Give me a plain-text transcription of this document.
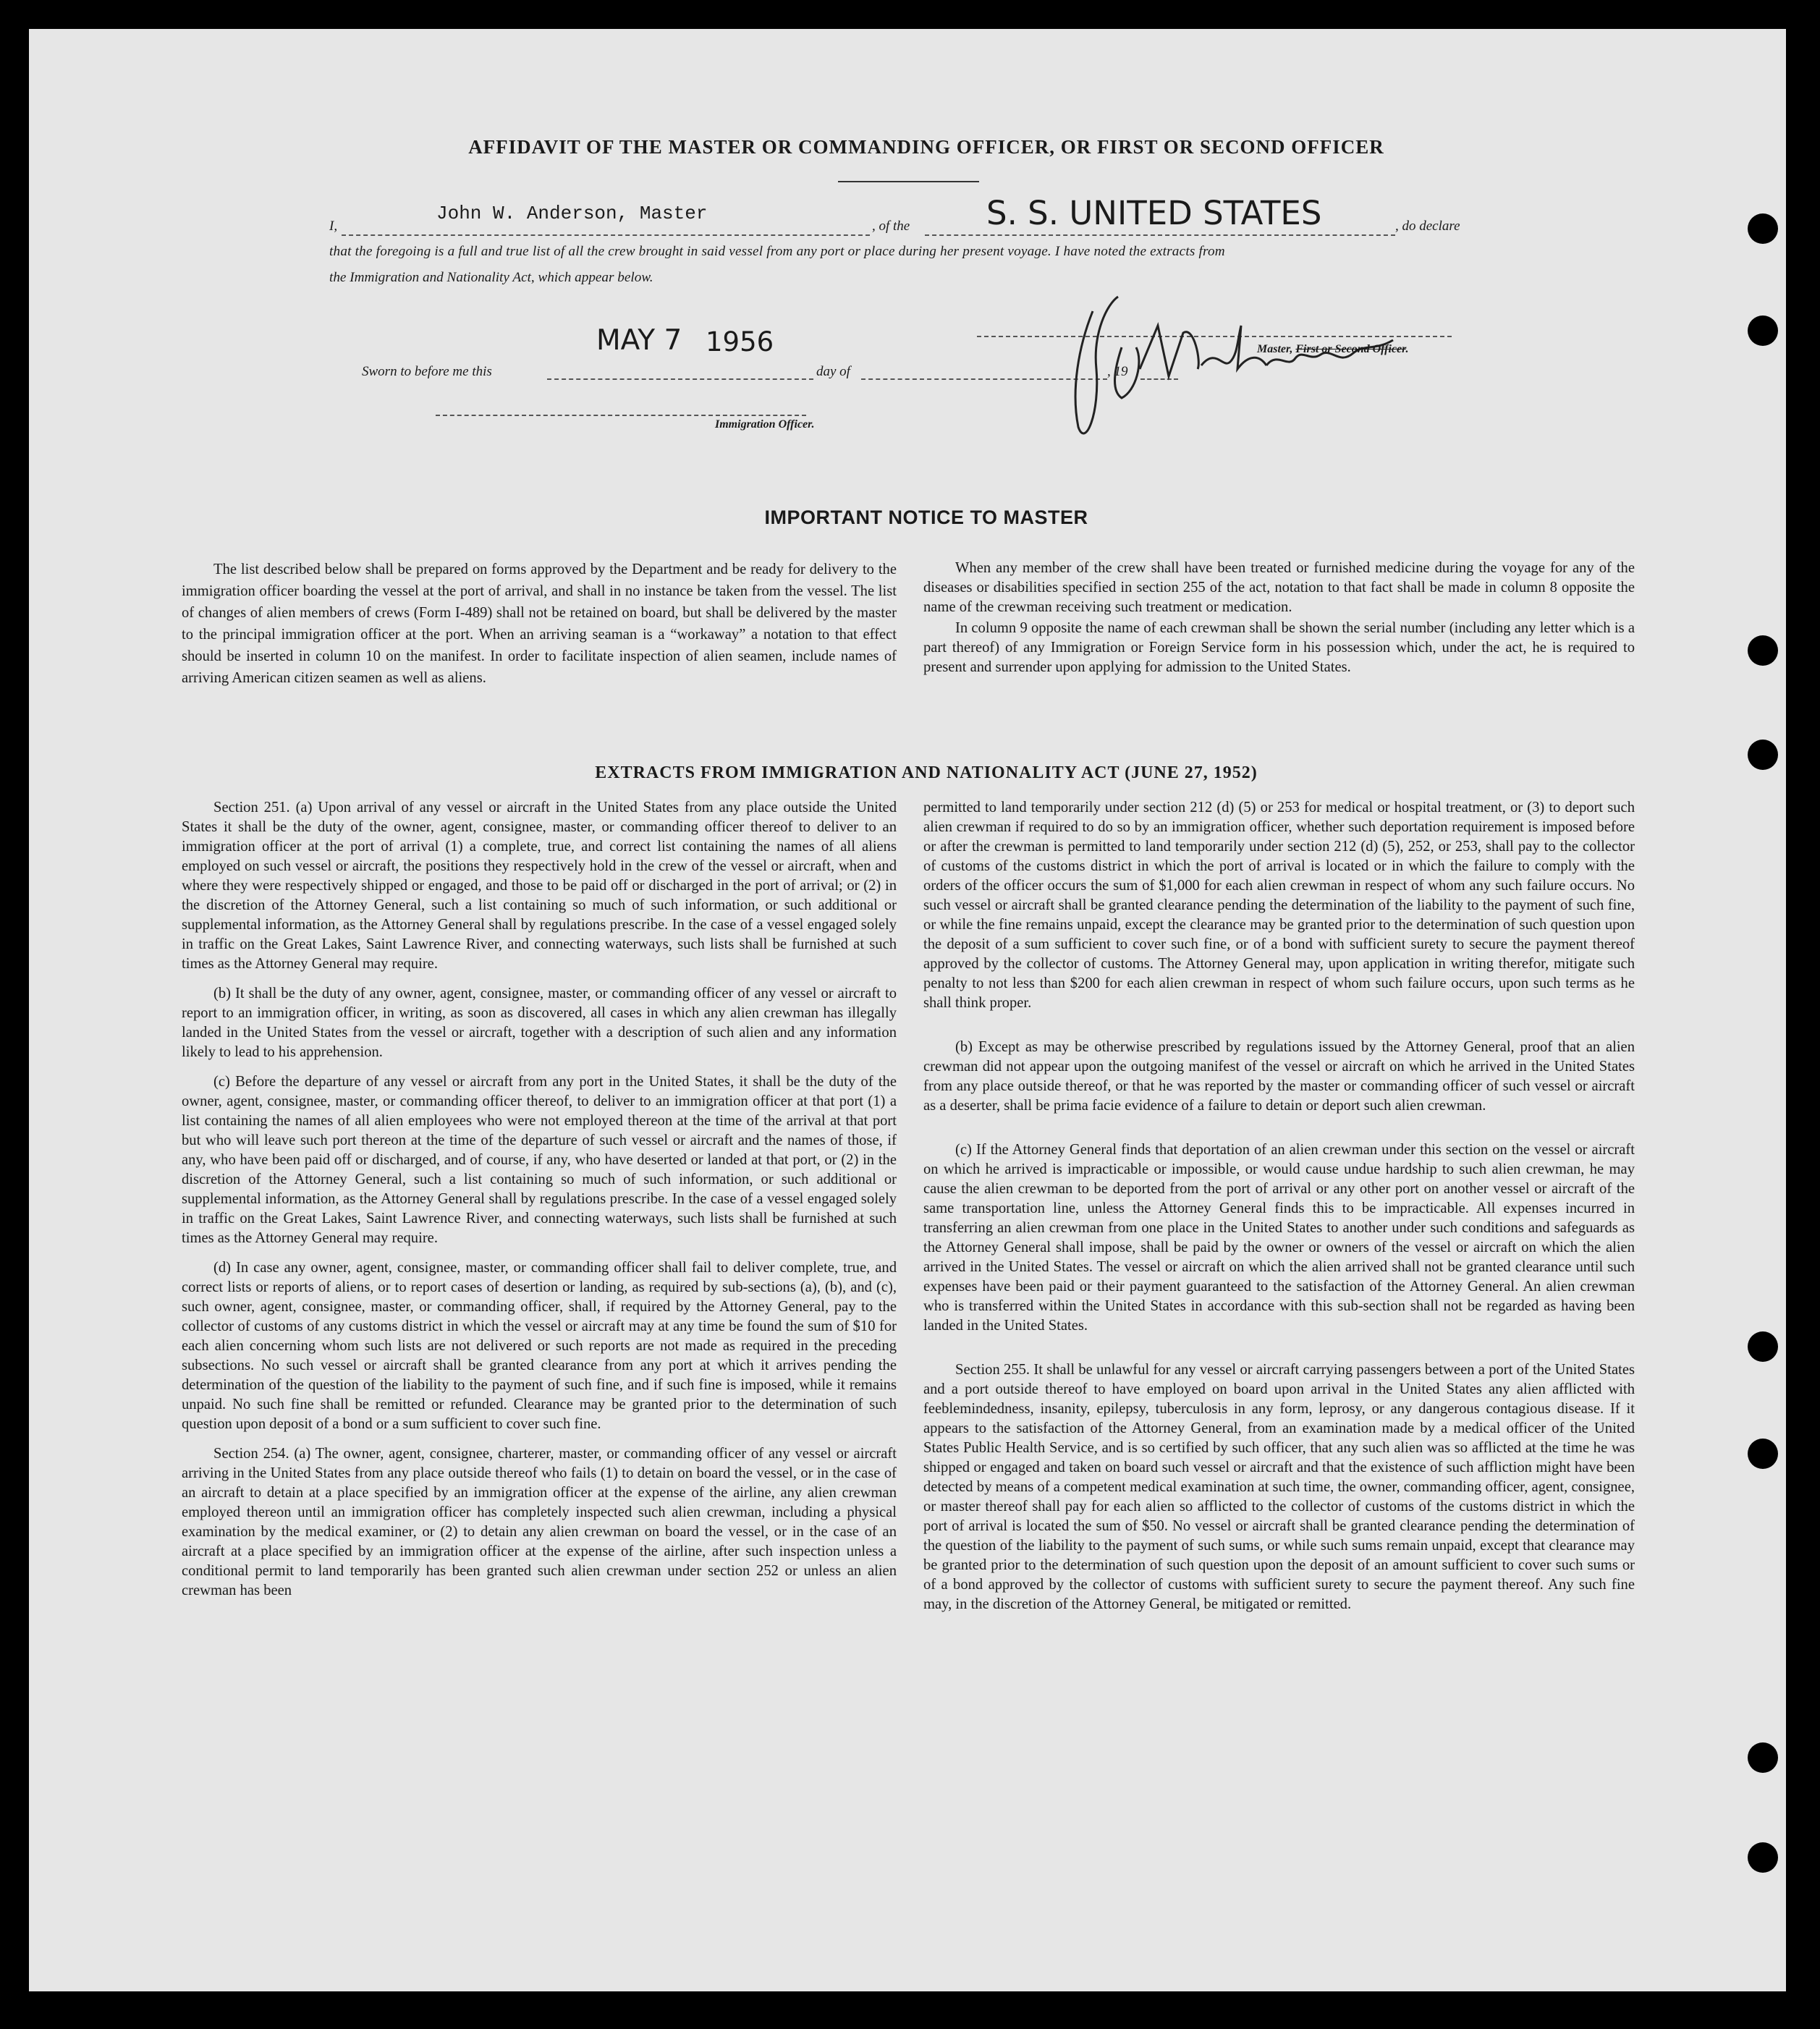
AFFIDAVIT OF THE MASTER OR COMMANDING OFFICER, OR FIRST OR SECOND OFFICER
I,
John W. Anderson, Master
, of the S. S. UNITED STATES	, do declare
that the foregoing is a full and true list of all the crew brought in said vessel from any port or place during her present voyage. I have noted the extracts from
the Immigration and Nationality Act, which appear below.
MAY 7 1956
Sworn to before me this	day of	, 19
Master, First or Second Officer.
Immigration Officer.
IMPORTANT NOTICE TO MASTER

The list described below shall be prepared on forms approved by the Department and be ready for delivery to the immigration officer boarding the vessel at the port of arrival, and shall in no instance be taken from the vessel. The list of changes of alien members of crews (Form I-489) shall not be retained on board, but shall be delivered by the master to the principal immigration officer at the port. When an arriving seaman is a “workaway” a notation to that effect should be inserted in column 10 on the manifest. In order to facilitate inspection of alien seamen, include names of arriving American citizen seamen as well as aliens.

When any member of the crew shall have been treated or furnished medicine during the voyage for any of the diseases or disabilities specified in section 255 of the act, notation to that fact shall be made in column 8 opposite the name of the crewman receiving such treatment or medication.

In column 9 opposite the name of each crewman shall be shown the serial number (including any letter which is a part thereof) of any Immigration or Foreign Service form in his possession which, under the act, he is required to present and surrender upon applying for admission to the United States.

EXTRACTS FROM IMMIGRATION AND NATIONALITY ACT (JUNE 27, 1952)

Section 251. (a) Upon arrival of any vessel or aircraft in the United States from any place outside the United States it shall be the duty of the owner, agent, consignee, master, or commanding officer thereof to deliver to an immigration officer at the port of arrival (1) a complete, true, and correct list containing the names of all aliens employed on such vessel or aircraft, the positions they respectively hold in the crew of the vessel or aircraft, when and where they were respectively shipped or engaged, and those to be paid off or discharged in the port of arrival; or (2) in the discretion of the Attorney General, such a list containing so much of such information, or such additional or supplemental information, as the Attorney General shall by regulations prescribe. In the case of a vessel engaged solely in traffic on the Great Lakes, Saint Lawrence River, and connecting waterways, such lists shall be furnished at such times as the Attorney General may require.

(b) It shall be the duty of any owner, agent, consignee, master, or commanding officer of any vessel or aircraft to report to an immigration officer, in writing, as soon as discovered, all cases in which any alien crewman has illegally landed in the United States from the vessel or aircraft, together with a description of such alien and any information likely to lead to his apprehension.

(c) Before the departure of any vessel or aircraft from any port in the United States, it shall be the duty of the owner, agent, consignee, master, or commanding officer thereof, to deliver to an immigration officer at that port (1) a list containing the names of all alien employees who were not employed thereon at the time of the arrival at that port but who will leave such port thereon at the time of the departure of such vessel or aircraft and the names of those, if any, who have been paid off or discharged, and of course, if any, who have deserted or landed at that port, or (2) in the discretion of the Attorney General, such a list containing so much of such information, or such additional or supplemental information, as the Attorney General shall by regulations prescribe. In the case of a vessel engaged solely in traffic on the Great Lakes, Saint Lawrence River, and connecting waterways, such lists shall be furnished at such times as the Attorney General may require.

(d) In case any owner, agent, consignee, master, or commanding officer shall fail to deliver complete, true, and correct lists or reports of aliens, or to report cases of desertion or landing, as required by sub-sections (a), (b), and (c), such owner, agent, consignee, master, or commanding officer, shall, if required by the Attorney General, pay to the collector of customs of any customs district in which the vessel or aircraft may at any time be found the sum of $10 for each alien concerning whom such lists are not delivered or such reports are not made as required in the preceding subsections. No such vessel or aircraft shall be granted clearance from any port at which it arrives pending the determination of the question of the liability to the payment of such fine, and if such fine is imposed, while it remains unpaid. No such fine shall be remitted or refunded. Clearance may be granted prior to the determination of such question upon deposit of a bond or a sum sufficient to cover such fine.

Section 254. (a) The owner, agent, consignee, charterer, master, or commanding officer of any vessel or aircraft arriving in the United States from any place outside thereof who fails (1) to detain on board the vessel, or in the case of an aircraft to detain at a place specified by an immigration officer at the expense of the airline, any alien crewman employed thereon until an immigration officer has completely inspected such alien crewman, including a physical examination by the medical examiner, or (2) to detain any alien crewman on board the vessel, or in the case of an aircraft at a place specified by an immigration officer at the expense of the airline, after such inspection unless a conditional permit to land temporarily has been granted such alien crewman under section 252 or unless an alien crewman has been

permitted to land temporarily under section 212 (d) (5) or 253 for medical or hospital treatment, or (3) to deport such alien crewman if required to do so by an immigration officer, whether such deportation requirement is imposed before or after the crewman is permitted to land temporarily under section 212 (d) (5), 252, or 253, shall pay to the collector of customs of the customs district in which the port of arrival is located or in which the failure to comply with the orders of the officer occurs the sum of $1,000 for each alien crewman in respect of whom any such failure occurs. No such vessel or aircraft shall be granted clearance pending the determination of the liability to the payment of such fine, or while the fine remains unpaid, except the clearance may be granted prior to the determination of such question upon the deposit of a sum sufficient to cover such fine, or of a bond with sufficient surety to secure the payment thereof approved by the collector of customs. The Attorney General may, upon application in writing therefor, mitigate such penalty to not less than $200 for each alien crewman in respect of whom such failure occurs, upon such terms as he shall think proper.

(b) Except as may be otherwise prescribed by regulations issued by the Attorney General, proof that an alien crewman did not appear upon the outgoing manifest of the vessel or aircraft on which he arrived in the United States from any place outside thereof, or that he was reported by the master or commanding officer of such vessel or aircraft as a deserter, shall be prima facie evidence of a failure to detain or deport such alien crewman.

(c) If the Attorney General finds that deportation of an alien crewman under this section on the vessel or aircraft on which he arrived is impracticable or impossible, or would cause undue hardship to such alien crewman, he may cause the alien crewman to be deported from the port of arrival or any other port on another vessel or aircraft of the same transportation line, unless the Attorney General finds this to be impracticable. All expenses incurred in transferring an alien crewman from one place in the United States to another under such conditions and safeguards as the Attorney General shall impose, shall be paid by the owner or owners of the vessel or aircraft on which the alien arrived in the United States. The vessel or aircraft on which the alien arrived shall not be granted clearance until such expenses have been paid or their payment guaranteed to the satisfaction of the Attorney General. An alien crewman who is transferred within the United States in accordance with this sub-section shall not be regarded as having been landed in the United States.

Section 255. It shall be unlawful for any vessel or aircraft carrying passengers between a port of the United States and a port outside thereof to have employed on board upon arrival in the United States any alien afflicted with feeblemindedness, insanity, epilepsy, tuberculosis in any form, leprosy, or any dangerous contagious disease. If it appears to the satisfaction of the Attorney General, from an examination made by a medical officer of the United States Public Health Service, and is so certified by such officer, that any such alien was so afflicted at the time he was shipped or engaged and taken on board such vessel or aircraft and that the existence of such affliction might have been detected by means of a competent medical examination at such time, the owner, commanding officer, agent, consignee, or master thereof shall pay for each alien so afflicted to the collector of customs of the customs district in which the port of arrival is located the sum of $50. No vessel or aircraft shall be granted clearance pending the determination of the question of the liability to the payment of such sums, or while such sums remain unpaid, except that clearance may be granted prior to the determination of such question upon the deposit of an amount sufficient to cover such sums or of a bond approved by the collector of customs with sufficient surety to secure the payment thereof. Any such fine may, in the discretion of the Attorney General, be mitigated or remitted.
